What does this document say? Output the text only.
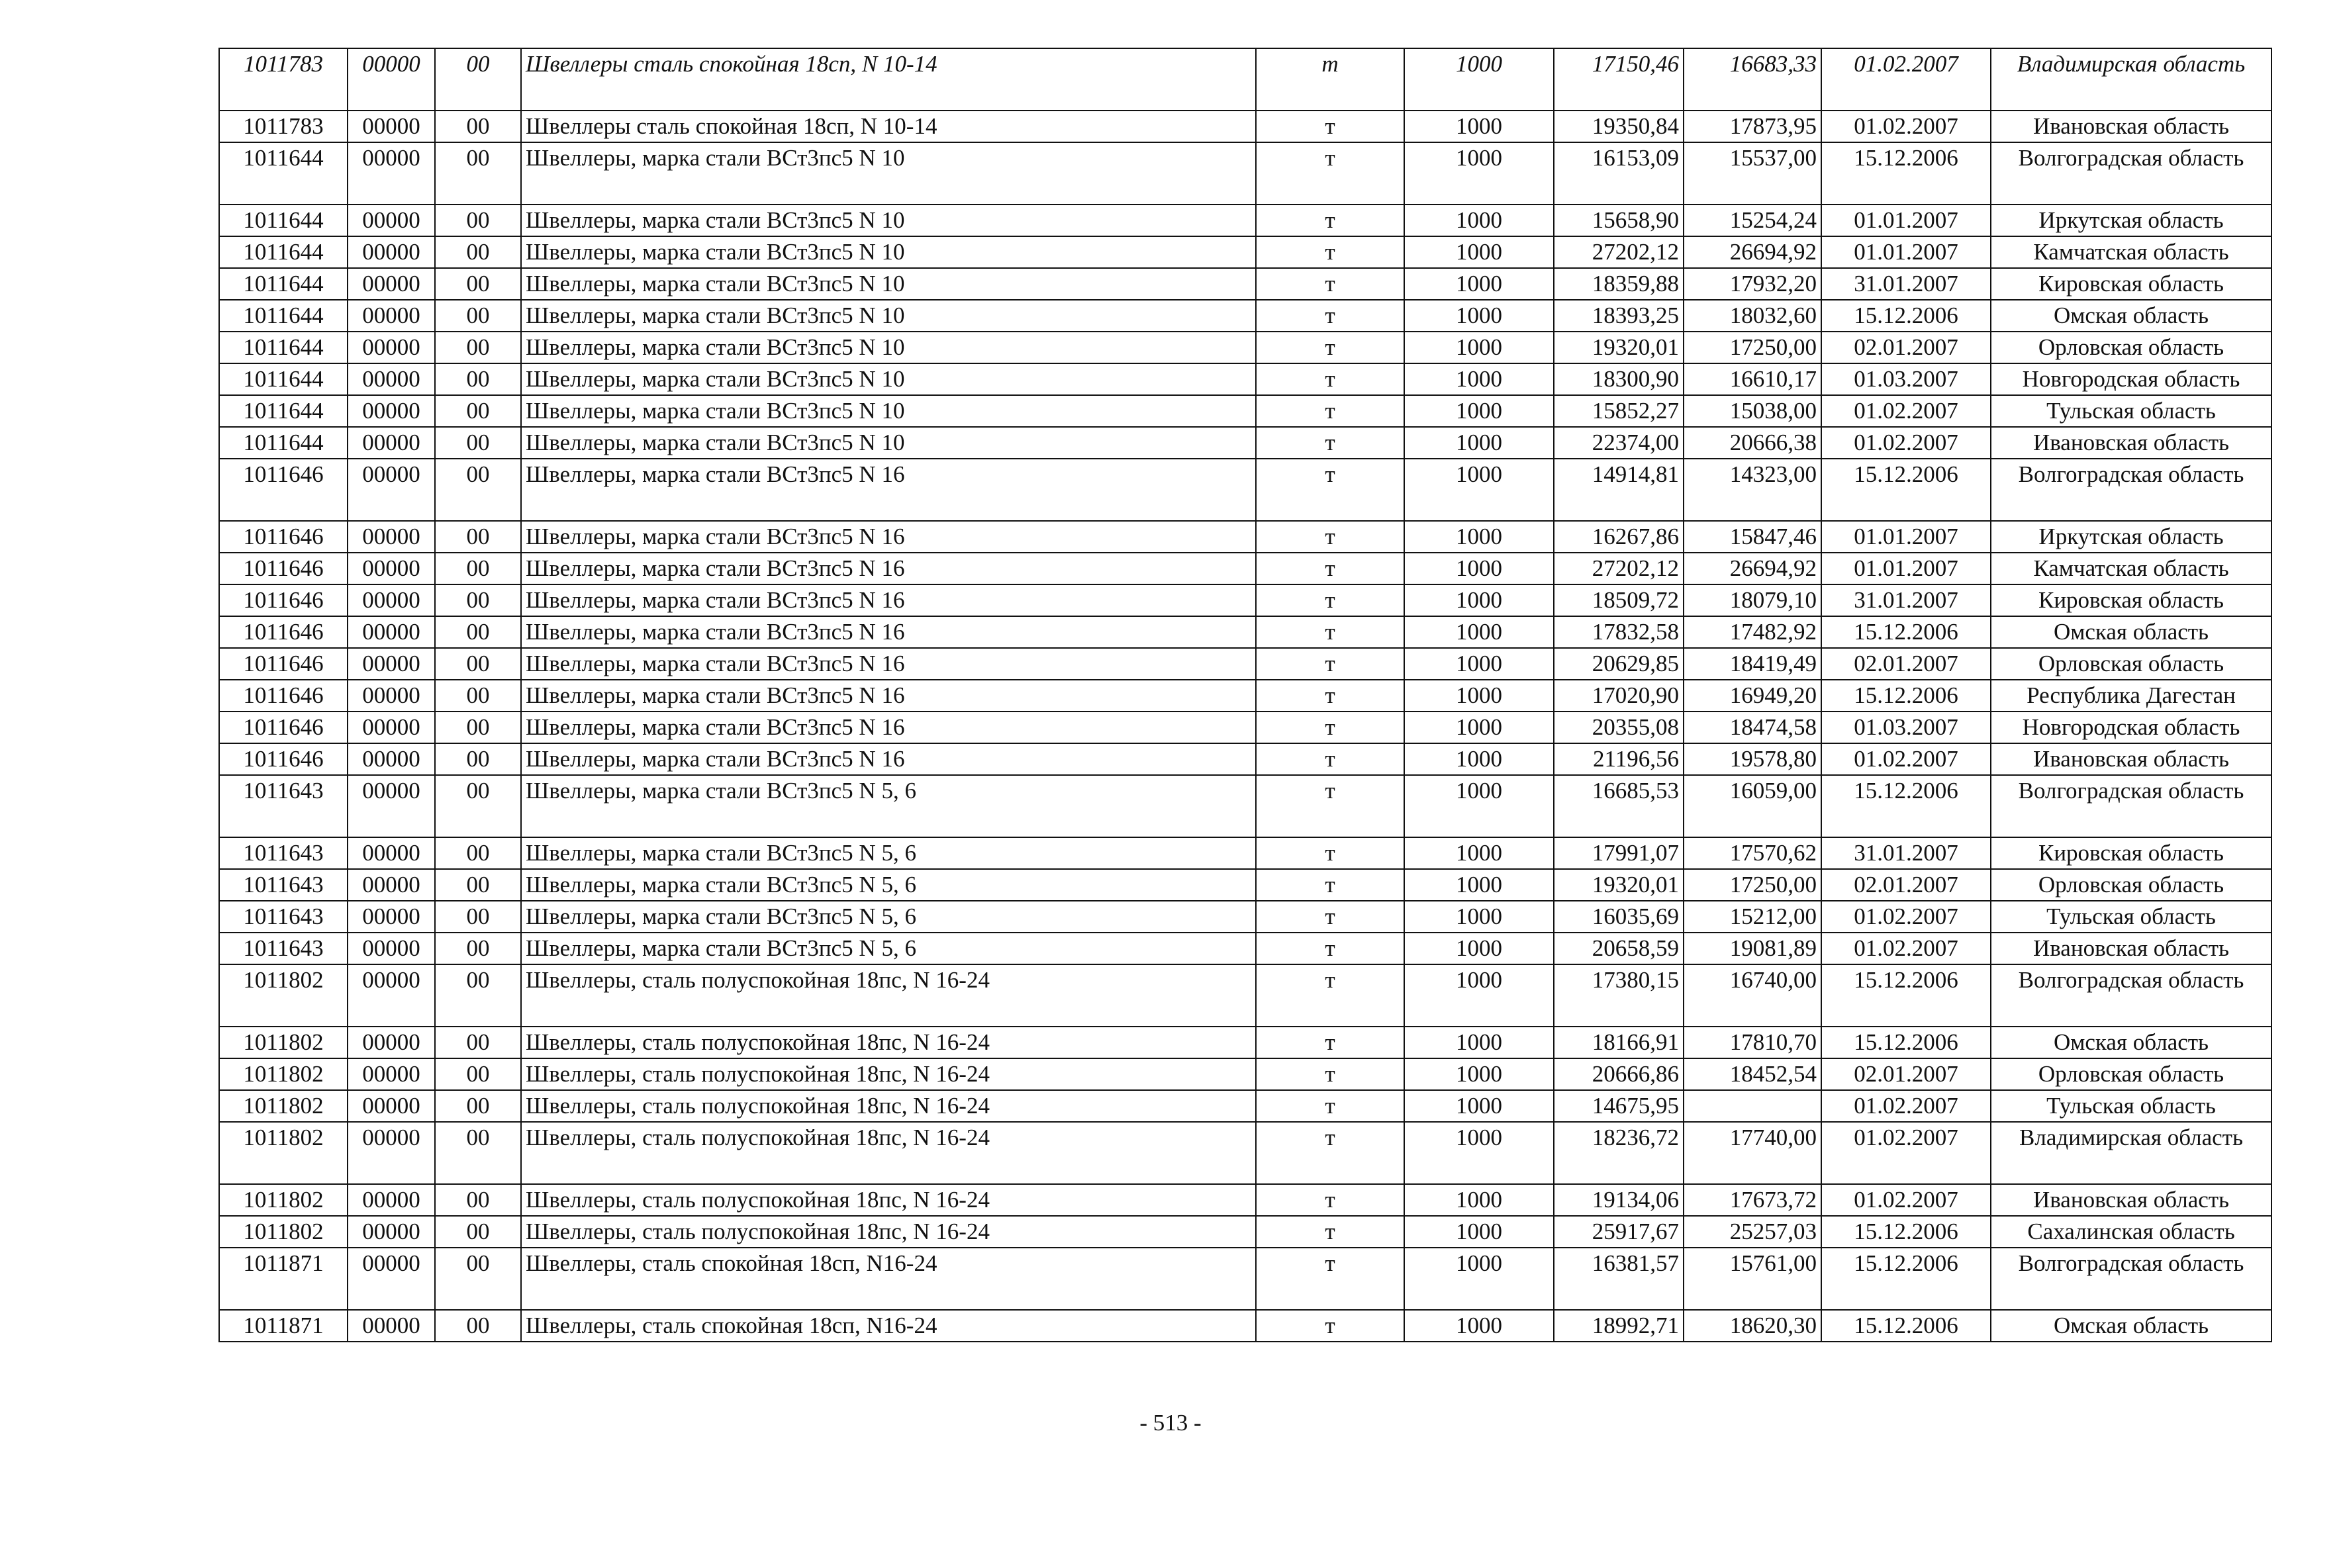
1011783	00000	00	Швеллеры сталь спокойная 18сп, N 10-14	т	1000	17150,46	16683,33	01.02.2007	Владимирская область
1011783	00000	00	Швеллеры сталь спокойная 18сп, N 10-14	т	1000	19350,84	17873,95	01.02.2007	Ивановская область
1011644	00000	00	Швеллеры, марка стали ВСт3пс5 N 10	т	1000	16153,09	15537,00	15.12.2006	Волгоградская область
1011644	00000	00	Швеллеры, марка стали ВСт3пс5 N 10	т	1000	15658,90	15254,24	01.01.2007	Иркутская область
1011644	00000	00	Швеллеры, марка стали ВСт3пс5 N 10	т	1000	27202,12	26694,92	01.01.2007	Камчатская область
1011644	00000	00	Швеллеры, марка стали ВСт3пс5 N 10	т	1000	18359,88	17932,20	31.01.2007	Кировская область
1011644	00000	00	Швеллеры, марка стали ВСт3пс5 N 10	т	1000	18393,25	18032,60	15.12.2006	Омская область
1011644	00000	00	Швеллеры, марка стали ВСт3пс5 N 10	т	1000	19320,01	17250,00	02.01.2007	Орловская область
1011644	00000	00	Швеллеры, марка стали ВСт3пс5 N 10	т	1000	18300,90	16610,17	01.03.2007	Новгородская область
1011644	00000	00	Швеллеры, марка стали ВСт3пс5 N 10	т	1000	15852,27	15038,00	01.02.2007	Тульская область
1011644	00000	00	Швеллеры, марка стали ВСт3пс5 N 10	т	1000	22374,00	20666,38	01.02.2007	Ивановская область
1011646	00000	00	Швеллеры, марка стали ВСт3пс5 N 16	т	1000	14914,81	14323,00	15.12.2006	Волгоградская область
1011646	00000	00	Швеллеры, марка стали ВСт3пс5 N 16	т	1000	16267,86	15847,46	01.01.2007	Иркутская область
1011646	00000	00	Швеллеры, марка стали ВСт3пс5 N 16	т	1000	27202,12	26694,92	01.01.2007	Камчатская область
1011646	00000	00	Швеллеры, марка стали ВСт3пс5 N 16	т	1000	18509,72	18079,10	31.01.2007	Кировская область
1011646	00000	00	Швеллеры, марка стали ВСт3пс5 N 16	т	1000	17832,58	17482,92	15.12.2006	Омская область
1011646	00000	00	Швеллеры, марка стали ВСт3пс5 N 16	т	1000	20629,85	18419,49	02.01.2007	Орловская область
1011646	00000	00	Швеллеры, марка стали ВСт3пс5 N 16	т	1000	17020,90	16949,20	15.12.2006	Республика Дагестан
1011646	00000	00	Швеллеры, марка стали ВСт3пс5 N 16	т	1000	20355,08	18474,58	01.03.2007	Новгородская область
1011646	00000	00	Швеллеры, марка стали ВСт3пс5 N 16	т	1000	21196,56	19578,80	01.02.2007	Ивановская область
1011643	00000	00	Швеллеры, марка стали ВСт3пс5 N 5, 6	т	1000	16685,53	16059,00	15.12.2006	Волгоградская область
1011643	00000	00	Швеллеры, марка стали ВСт3пс5 N 5, 6	т	1000	17991,07	17570,62	31.01.2007	Кировская область
1011643	00000	00	Швеллеры, марка стали ВСт3пс5 N 5, 6	т	1000	19320,01	17250,00	02.01.2007	Орловская область
1011643	00000	00	Швеллеры, марка стали ВСт3пс5 N 5, 6	т	1000	16035,69	15212,00	01.02.2007	Тульская область
1011643	00000	00	Швеллеры, марка стали ВСт3пс5 N 5, 6	т	1000	20658,59	19081,89	01.02.2007	Ивановская область
1011802	00000	00	Швеллеры, сталь полуспокойная 18пс, N 16-24	т	1000	17380,15	16740,00	15.12.2006	Волгоградская область
1011802	00000	00	Швеллеры, сталь полуспокойная 18пс, N 16-24	т	1000	18166,91	17810,70	15.12.2006	Омская область
1011802	00000	00	Швеллеры, сталь полуспокойная 18пс, N 16-24	т	1000	20666,86	18452,54	02.01.2007	Орловская область
1011802	00000	00	Швеллеры, сталь полуспокойная 18пс, N 16-24	т	1000	14675,95		01.02.2007	Тульская область
1011802	00000	00	Швеллеры, сталь полуспокойная 18пс, N 16-24	т	1000	18236,72	17740,00	01.02.2007	Владимирская область
1011802	00000	00	Швеллеры, сталь полуспокойная 18пс, N 16-24	т	1000	19134,06	17673,72	01.02.2007	Ивановская область
1011802	00000	00	Швеллеры, сталь полуспокойная 18пс, N 16-24	т	1000	25917,67	25257,03	15.12.2006	Сахалинская область
1011871	00000	00	Швеллеры, сталь спокойная 18сп, N16-24	т	1000	16381,57	15761,00	15.12.2006	Волгоградская область
1011871	00000	00	Швеллеры, сталь спокойная 18сп, N16-24	т	1000	18992,71	18620,30	15.12.2006	Омская область
- 513 -
